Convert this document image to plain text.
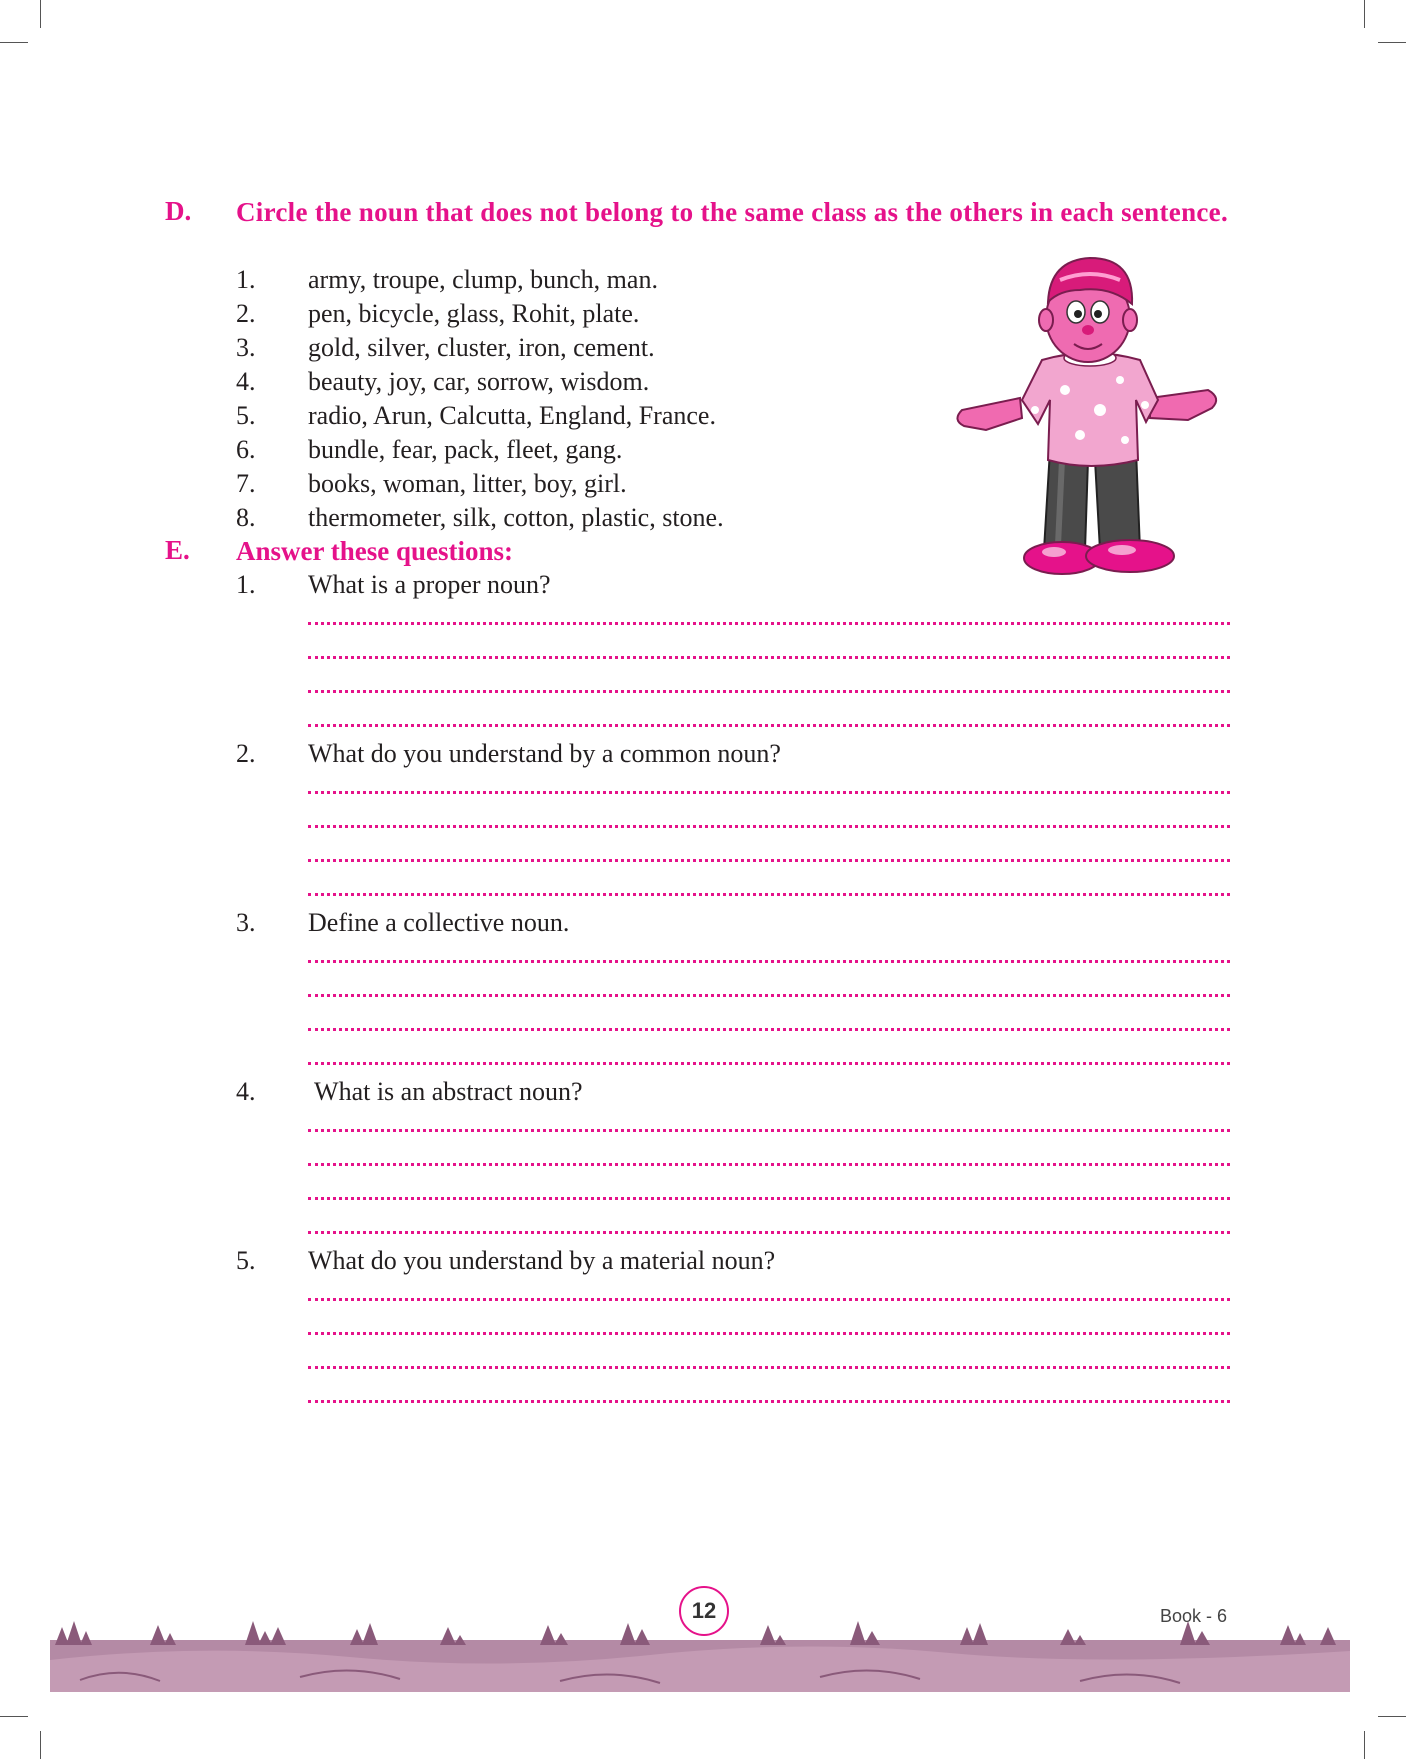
D. Circle the noun that does not belong to the same class as the others in each sentence.
1. army, troupe, clump, bunch, man.
2. pen, bicycle, glass, Rohit, plate.
3. gold, silver, cluster, iron, cement.
4. beauty, joy, car, sorrow, wisdom.
5. radio, Arun, Calcutta, England, France.
6. bundle, fear, pack, fleet, gang.
7. books, woman, litter, boy, girl.
8. thermometer, silk, cotton, plastic, stone.
E. Answer these questions:
1. What is a proper noun?
2. What do you understand by a common noun?
3. Define a collective noun.
4. What is an abstract noun?
5. What do you understand by a material noun?
12	Book - 6
